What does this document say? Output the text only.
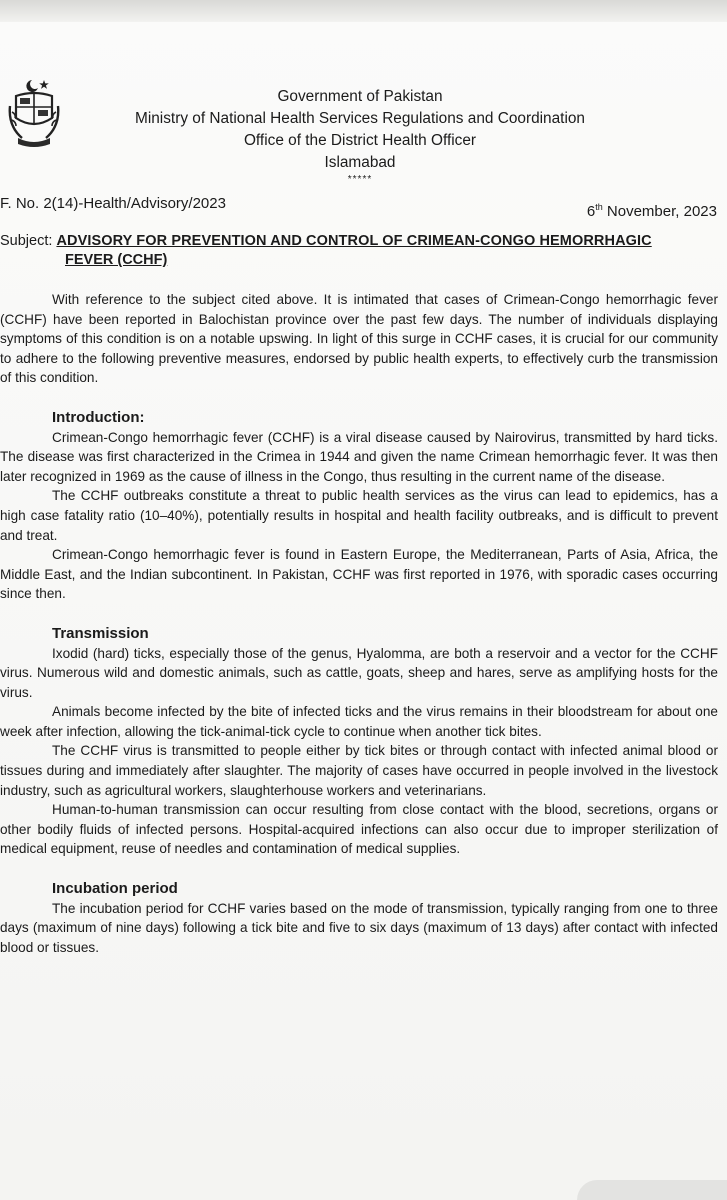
Government of Pakistan
Ministry of National Health Services Regulations and Coordination
Office of the District Health Officer
Islamabad
*****
F. No. 2(14)-Health/Advisory/2023	6th November, 2023
Subject: ADVISORY FOR PREVENTION AND CONTROL OF CRIMEAN-CONGO HEMORRHAGIC
FEVER (CCHF)

With reference to the subject cited above. It is intimated that cases of Crimean-Congo hemorrhagic fever (CCHF) have been reported in Balochistan province over the past few days. The number of individuals displaying symptoms of this condition is on a notable upswing. In light of this surge in CCHF cases, it is crucial for our community to adhere to the following preventive measures, endorsed by public health experts, to effectively curb the transmission of this condition.

Introduction:

Crimean-Congo hemorrhagic fever (CCHF) is a viral disease caused by Nairovirus, transmitted by hard ticks. The disease was first characterized in the Crimea in 1944 and given the name Crimean hemorrhagic fever. It was then later recognized in 1969 as the cause of illness in the Congo, thus resulting in the current name of the disease.

The CCHF outbreaks constitute a threat to public health services as the virus can lead to epidemics, has a high case fatality ratio (10–40%), potentially results in hospital and health facility outbreaks, and is difficult to prevent and treat.

Crimean-Congo hemorrhagic fever is found in Eastern Europe, the Mediterranean, Parts of Asia, Africa, the Middle East, and the Indian subcontinent. In Pakistan, CCHF was first reported in 1976, with sporadic cases occurring since then.

Transmission

Ixodid (hard) ticks, especially those of the genus, Hyalomma, are both a reservoir and a vector for the CCHF virus. Numerous wild and domestic animals, such as cattle, goats, sheep and hares, serve as amplifying hosts for the virus.

Animals become infected by the bite of infected ticks and the virus remains in their bloodstream for about one week after infection, allowing the tick-animal-tick cycle to continue when another tick bites.

The CCHF virus is transmitted to people either by tick bites or through contact with infected animal blood or tissues during and immediately after slaughter. The majority of cases have occurred in people involved in the livestock industry, such as agricultural workers, slaughterhouse workers and veterinarians.

Human-to-human transmission can occur resulting from close contact with the blood, secretions, organs or other bodily fluids of infected persons. Hospital-acquired infections can also occur due to improper sterilization of medical equipment, reuse of needles and contamination of medical supplies.

Incubation period

The incubation period for CCHF varies based on the mode of transmission, typically ranging from one to three days (maximum of nine days) following a tick bite and five to six days (maximum of 13 days) after contact with infected blood or tissues.
